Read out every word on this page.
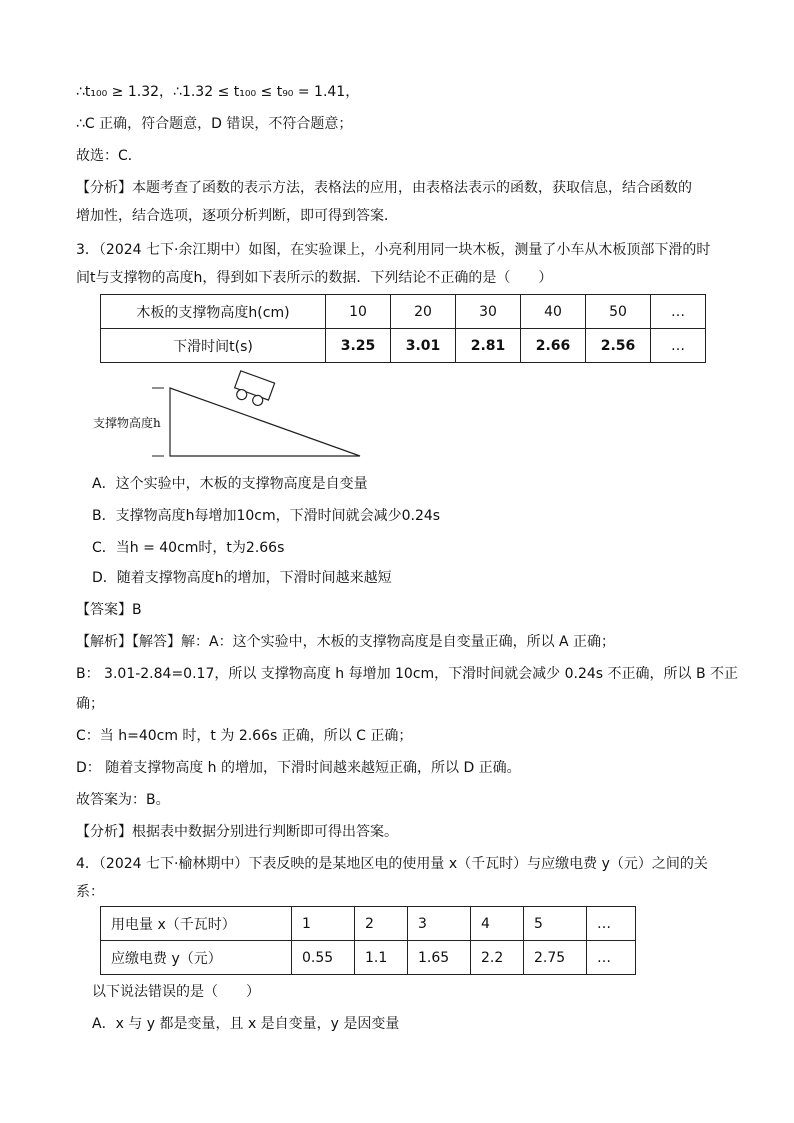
∴t₁₀₀ ≥ 1.32，∴1.32 ≤ t₁₀₀ ≤ t₉₀ = 1.41，
∴C 正确，符合题意，D 错误，不符合题意；
故选：C．
【分析】本题考查了函数的表示方法，表格法的应用，由表格法表示的函数，获取信息，结合函数的
增加性，结合选项，逐项分析判断，即可得到答案．
3．（2024 七下·余江期中）如图，在实验课上，小亮利用同一块木板，测量了小车从木板顶部下滑的时
间t与支撑物的高度h，得到如下表所示的数据．下列结论不正确的是（　　）
木板的支撑物高度h(cm)	10	20	30	40	50	…
下滑时间t(s)	3.25	3.01	2.81	2.66	2.56	…
支撑物高度h
A．这个实验中，木板的支撑物高度是自变量
B．支撑物高度h每增加10cm，下滑时间就会减少0.24s
C．当h = 40cm时，t为2.66s
D．随着支撑物高度h的增加，下滑时间越来越短
【答案】B
【解析】【解答】解：A：这个实验中，木板的支撑物高度是自变量正确，所以 A 正确；
B： 3.01-2.84=0.17，所以 支撑物高度 h 每增加 10cm，下滑时间就会减少 0.24s 不正确，所以 B 不正
确；
C：当 h=40cm 时，t 为 2.66s 正确，所以 C 正确；
D： 随着支撑物高度 h 的增加，下滑时间越来越短正确，所以 D 正确。
故答案为：B。
【分析】根据表中数据分别进行判断即可得出答案。
4．（2024 七下·榆林期中）下表反映的是某地区电的使用量 x（千瓦时）与应缴电费 y（元）之间的关
系：
用电量 x（千瓦时）	1	2	3	4	5	…
应缴电费 y（元）	0.55	1.1	1.65	2.2	2.75	…
以下说法错误的是（　　）
A．x 与 y 都是变量，且 x 是自变量，y 是因变量
